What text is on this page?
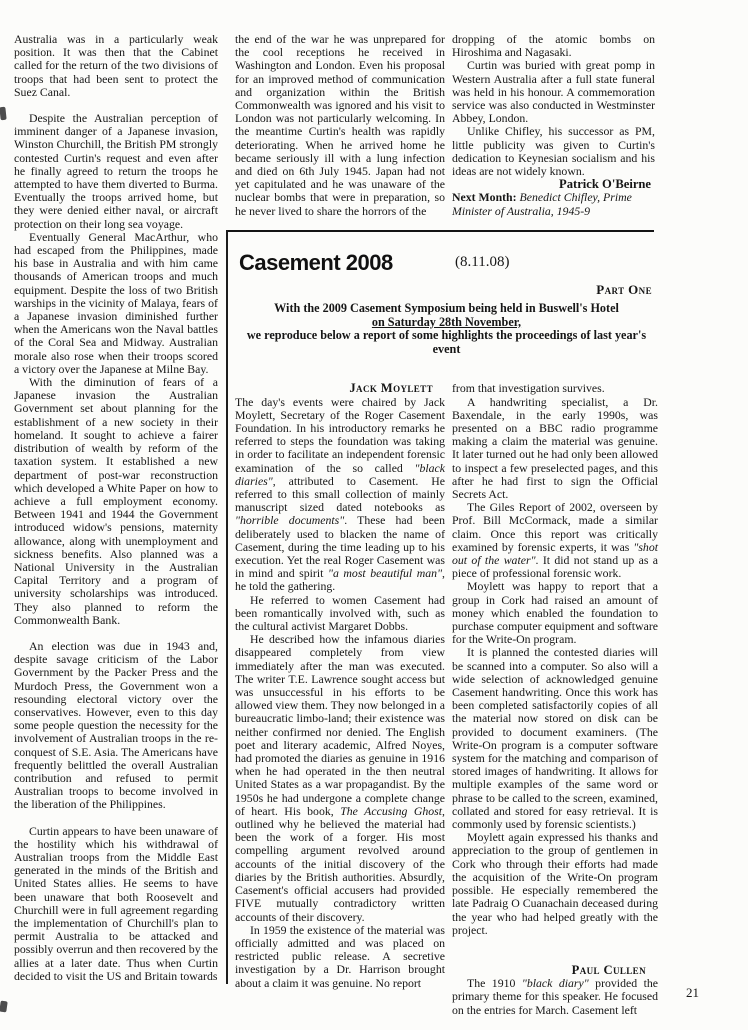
Australia was in a particularly weak position. It was then that the Cabinet called for the return of the two divisions of troops that had been sent to protect the Suez Canal.

Despite the Australian perception of imminent danger of a Japanese invasion, Winston Churchill, the British PM strongly contested Curtin's request and even after he finally agreed to return the troops he attempted to have them diverted to Burma. Eventually the troops arrived home, but they were denied either naval, or aircraft protection on their long sea voyage.

Eventually General MacArthur, who had escaped from the Philippines, made his base in Australia and with him came thousands of American troops and much equipment. Despite the loss of two British warships in the vicinity of Malaya, fears of a Japanese invasion diminished further when the Americans won the Naval battles of the Coral Sea and Midway. Australian morale also rose when their troops scored a victory over the Japanese at Milne Bay.

With the diminution of fears of a Japanese invasion the Australian Government set about planning for the establishment of a new society in their homeland. It sought to achieve a fairer distribution of wealth by reform of the taxation system. It established a new department of post-war reconstruction which developed a White Paper on how to achieve a full employment economy. Between 1941 and 1944 the Government introduced widow's pensions, maternity allowance, along with unemployment and sickness benefits. Also planned was a National University in the Australian Capital Territory and a program of university scholarships was introduced. They also planned to reform the Commonwealth Bank.

An election was due in 1943 and, despite savage criticism of the Labor Government by the Packer Press and the Murdoch Press, the Government won a resounding electoral victory over the conservatives. However, even to this day some people question the necessity for the involvement of Australian troops in the re-conquest of S.E. Asia. The Americans have frequently belittled the overall Australian contribution and refused to permit Australian troops to become involved in the liberation of the Philippines.

Curtin appears to have been unaware of the hostility which his withdrawal of Australian troops from the Middle East generated in the minds of the British and United States allies. He seems to have been unaware that both Roosevelt and Churchill were in full agreement regarding the implementation of Churchill's plan to permit Australia to be attacked and possibly overrun and then recovered by the allies at a later date. Thus when Curtin decided to visit the US and Britain towards

the end of the war he was unprepared for the cool receptions he received in Washington and London. Even his proposal for an improved method of communication and organization within the British Commonwealth was ignored and his visit to London was not particularly welcoming. In the meantime Curtin's health was rapidly deteriorating. When he arrived home he became seriously ill with a lung infection and died on 6th July 1945. Japan had not yet capitulated and he was unaware of the nuclear bombs that were in preparation, so he never lived to share the horrors of the

dropping of the atomic bombs on Hiroshima and Nagasaki.

Curtin was buried with great pomp in Western Australia after a full state funeral was held in his honour. A commemoration service was also conducted in Westminster Abbey, London.

Unlike Chifley, his successor as PM, little publicity was given to Curtin's dedication to Keynesian socialism and his ideas are not widely known.

Patrick O'Beirne

Next Month: Benedict Chifley, Prime Minister of Australia, 1945-9

Casement 2008	(8.11.08)
Part One
With the 2009 Casement Symposium being held in Buswell's Hotel
on Saturday 28th November,
we reproduce below a report of some highlights the proceedings of last year's event

Jack Moylett

The day's events were chaired by Jack Moylett, Secretary of the Roger Casement Foundation. In his introductory remarks he referred to steps the foundation was taking in order to facilitate an independent forensic examination of the so called "black diaries", attributed to Casement. He referred to this small collection of mainly manuscript sized dated notebooks as "horrible documents". These had been deliberately used to blacken the name of Casement, during the time leading up to his execution. Yet the real Roger Casement was in mind and spirit "a most beautiful man", he told the gathering.

He referred to women Casement had been romantically involved with, such as the cultural activist Margaret Dobbs.

He described how the infamous diaries disappeared completely from view immediately after the man was executed. The writer T.E. Lawrence sought access but was unsuccessful in his efforts to be allowed view them. They now belonged in a bureaucratic limbo-land; their existence was neither confirmed nor denied. The English poet and literary academic, Alfred Noyes, had promoted the diaries as genuine in 1916 when he had operated in the then neutral United States as a war propagandist. By the 1950s he had undergone a complete change of heart. His book, The Accusing Ghost, outlined why he believed the material had been the work of a forger. His most compelling argument revolved around accounts of the initial discovery of the diaries by the British authorities. Absurdly, Casement's official accusers had provided FIVE mutually contradictory written accounts of their discovery.

In 1959 the existence of the material was officially admitted and was placed on restricted public release. A secretive investigation by a Dr. Harrison brought about a claim it was genuine. No report

from that investigation survives.

A handwriting specialist, a Dr. Baxendale, in the early 1990s, was presented on a BBC radio programme making a claim the material was genuine. It later turned out he had only been allowed to inspect a few preselected pages, and this after he had first to sign the Official Secrets Act.

The Giles Report of 2002, overseen by Prof. Bill McCormack, made a similar claim. Once this report was critically examined by forensic experts, it was "shot out of the water". It did not stand up as a piece of professional forensic work.

Moylett was happy to report that a group in Cork had raised an amount of money which enabled the foundation to purchase computer equipment and software for the Write-On program.

It is planned the contested diaries will be scanned into a computer. So also will a wide selection of acknowledged genuine Casement handwriting. Once this work has been completed satisfactorily copies of all the material now stored on disk can be provided to document examiners. (The Write-On program is a computer software system for the matching and comparison of stored images of handwriting. It allows for multiple examples of the same word or phrase to be called to the screen, examined, collated and stored for easy retrieval. It is commonly used by forensic scientists.)

Moylett again expressed his thanks and appreciation to the group of gentlemen in Cork who through their efforts had made the acquisition of the Write-On program possible. He especially remembered the late Padraig O Cuanachain deceased during the year who had helped greatly with the project.

Paul Cullen

The 1910 "black diary" provided the primary theme for this speaker. He focused on the entries for March. Casement left

21
